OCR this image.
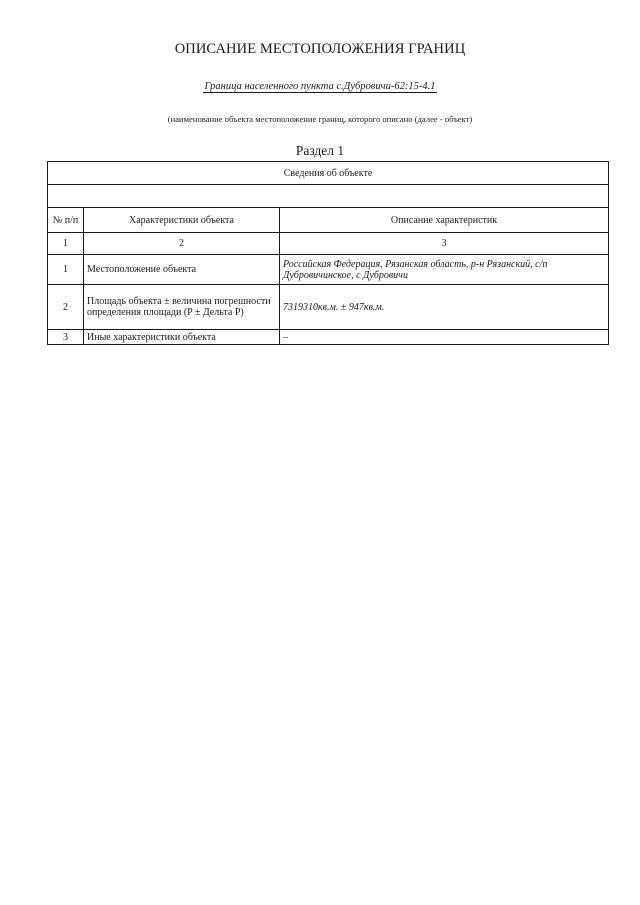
ОПИСАНИЕ МЕСТОПОЛОЖЕНИЯ ГРАНИЦ
Граница населенного пункта с.Дубровичи-62:15-4.1
(наименование объекта местоположение границ, которого описано (далее - объект)
Раздел 1
Сведения об объекте		

№ п/п	Характеристики объекта	Описание характеристик
1	2	3
1	Местоположение объекта	Российская Федерация, Рязанская область, р-н Рязанский, с/п Дубровичинское, с Дубровичи
2	Площадь объекта ± величина погрешности определения площади (P ± Дельта P)	7319310кв.м. ± 947кв.м.
3	Иные характеристики объекта	–
